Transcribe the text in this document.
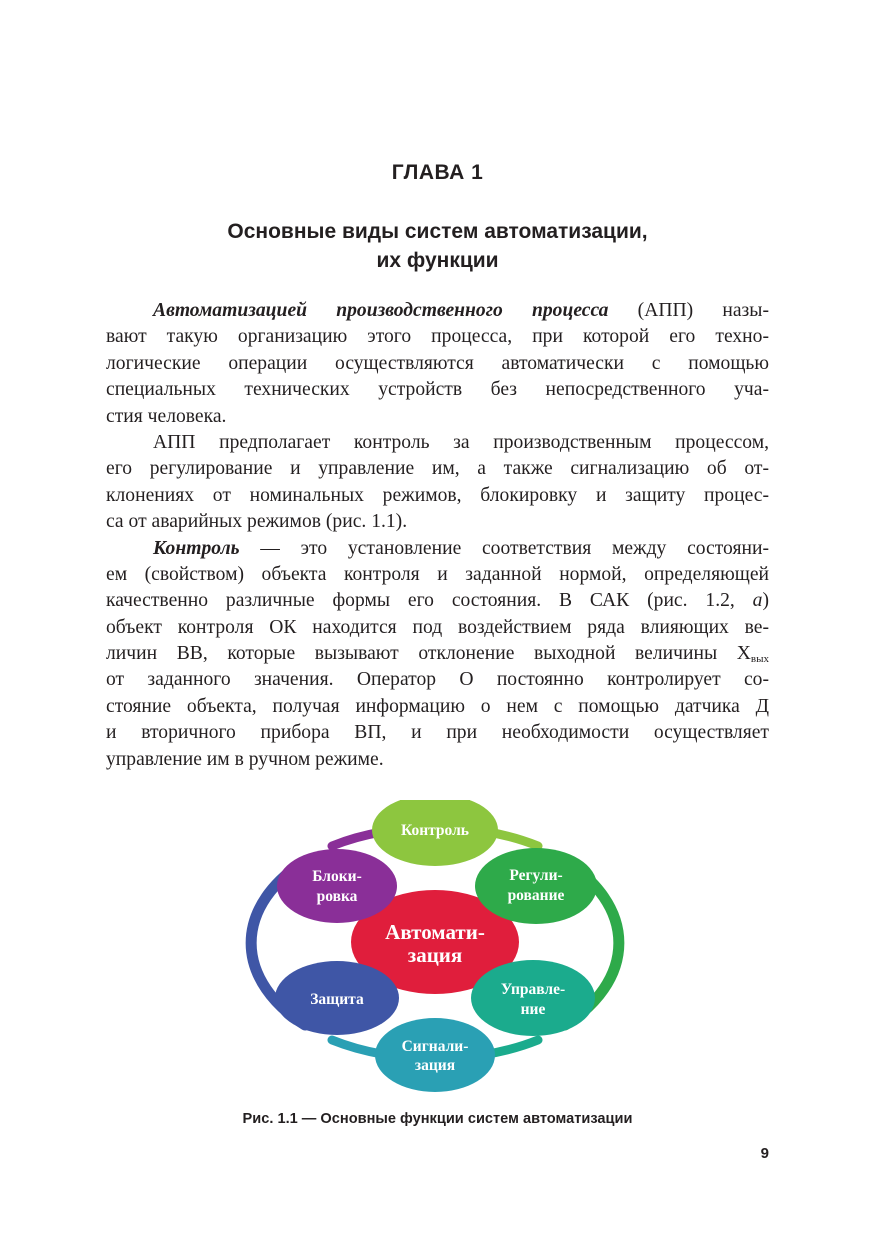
ГЛАВА 1
Основные виды систем автоматизации,
их функции
Автоматизацией производственного процесса (АПП) назы-
вают такую организацию этого процесса, при которой его техно-
логические операции осуществляются автоматически с помощью
специальных технических устройств без непосредственного уча-
стия человека.
АПП предполагает контроль за производственным процессом,
его регулирование и управление им, а также сигнализацию об от-
клонениях от номинальных режимов, блокировку и защиту процес-
са от аварийных режимов (рис. 1.1).
Контроль — это установление соответствия между состояни-
ем (свойством) объекта контроля и заданной нормой, определяющей
качественно различные формы его состояния. В САК (рис. 1.2, а)
объект контроля ОК находится под воздействием ряда влияющих ве-
личин ВВ, которые вызывают отклонение выходной величины $X_{вых}$
от заданного значения. Оператор О постоянно контролирует со-
стояние объекта, получая информацию о нем с помощью датчика Д
и вторичного прибора ВП, и при необходимости осуществляет
управление им в ручном режиме.
Автомати-
зация
Контроль
Регули-
рование
Управле-
ние
Сигнали-
зация
Защита
Блоки-
ровка
Рис. 1.1 — Основные функции систем автоматизации
9
